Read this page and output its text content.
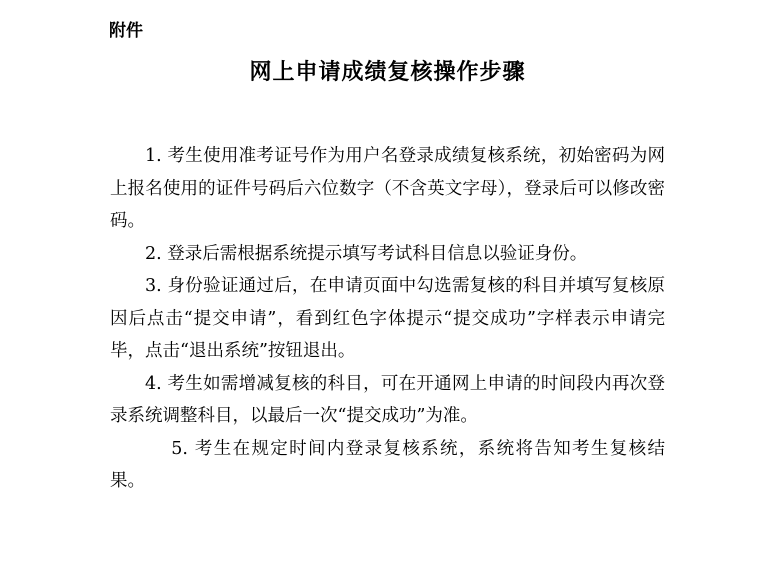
附件
网上申请成绩复核操作步骤

1. 考生使用准考证号作为用户名登录成绩复核系统，初始密码为网上报名使用的证件号码后六位数字（不含英文字母），登录后可以修改密码。

2. 登录后需根据系统提示填写考试科目信息以验证身份。

3. 身份验证通过后，在申请页面中勾选需复核的科目并填写复核原因后点击“提交申请”，看到红色字体提示“提交成功”字样表示申请完毕，点击“退出系统”按钮退出。

4. 考生如需增减复核的科目，可在开通网上申请的时间段内再次登录系统调整科目，以最后一次“提交成功”为准。

5. 考生在规定时间内登录复核系统，系统将告知考生复核结果。
